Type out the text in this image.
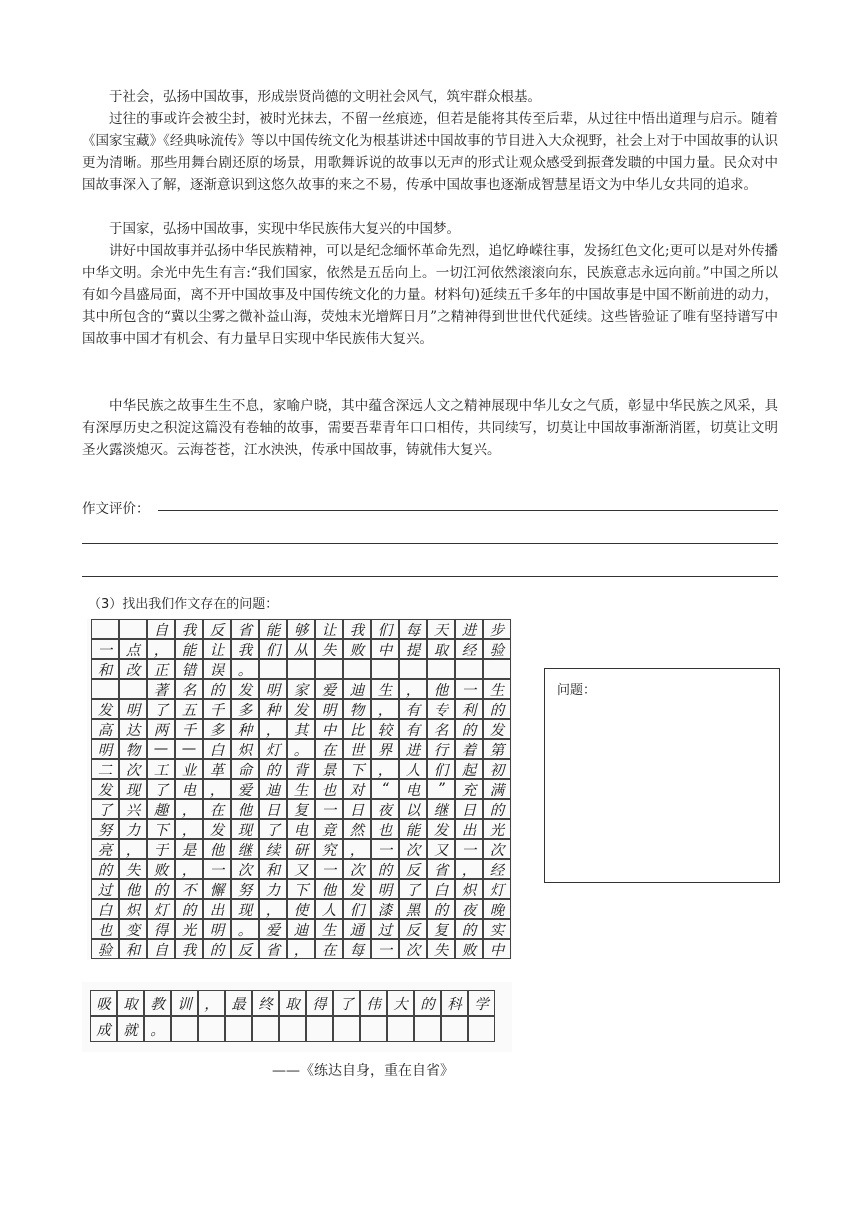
于社会，弘扬中国故事，形成崇贤尚德的文明社会风气，筑牢群众根基。

过往的事或许会被尘封，被时光抹去，不留一丝痕迹，但若是能将其传至后辈，从过往中悟出道理与启示。随着《国家宝藏》《经典咏流传》等以中国传统文化为根基讲述中国故事的节目进入大众视野，社会上对于中国故事的认识更为清晰。那些用舞台剧还原的场景，用歌舞诉说的故事以无声的形式让观众感受到振聋发聩的中国力量。民众对中国故事深入了解，逐渐意识到这悠久故事的来之不易，传承中国故事也逐渐成智慧星语文为中华儿女共同的追求。

于国家，弘扬中国故事，实现中华民族伟大复兴的中国梦。

讲好中国故事并弘扬中华民族精神，可以是纪念缅怀革命先烈，追忆峥嵘往事，发扬红色文化;更可以是对外传播中华文明。余光中先生有言:“我们国家，依然是五岳向上。一切江河依然滚滚向东，民族意志永远向前。”中国之所以有如今昌盛局面，离不开中国故事及中国传统文化的力量。材料句)延续五千多年的中国故事是中国不断前进的动力，其中所包含的“冀以尘雾之微补益山海，荧烛末光增辉日月”之精神得到世世代代延续。这些皆验证了唯有坚持谱写中国故事中国才有机会、有力量早日实现中华民族伟大复兴。

中华民族之故事生生不息，家喻户晓，其中蕴含深远人文之精神展现中华儿女之气质，彰显中华民族之风采，具有深厚历史之积淀这篇没有卷轴的故事，需要吾辈青年口口相传，共同续写，切莫让中国故事渐渐消匿，切莫让文明圣火露淡熄灭。云海苍苍，江水泱泱，传承中国故事，铸就伟大复兴。

作文评价：
（3）找出我们作文存在的问题：
自 我 反 省 能 够 让 我 们 每 天 进 步
一 点 ， 能 让 我 们 从 失 败 中 提 取 经 验
和 改 正 错 误 。
著 名 的 发 明 家 爱 迪 生 ， 他 一 生
发 明 了 五 千 多 种 发 明 物 ， 有 专 利 的
高 达 两 千 多 种 ， 其 中 比 较 有 名 的 发
明 物 — — 白 炽 灯 。 在 世 界 进 行 着 第
二 次 工 业 革 命 的 背 景 下 ， 人 们 起 初
发 现 了 电 ， 爱 迪 生 也 对	“	电	”	充 满
了 兴 趣 ， 在 他 日 复 一 日 夜 以 继 日 的
努 力 下 ， 发 现 了 电 竟 然 也 能 发 出 光
亮 ， 于 是 他 继 续 研 究 ， 一 次 又 一 次
的 失 败 ， 一 次 和 又 一 次 的 反 省 ， 经
过 他 的 不 懈 努 力 下 他 发 明 了 白 炽 灯
白 炽 灯 的 出 现 ， 使 人 们 漆 黑 的 夜 晚
也 变 得 光 明 。 爱 迪 生 通 过 反 复 的 实
验 和 自 我 的 反 省 ， 在 每 一 次 失 败 中
吸 取 教 训 ， 最 终 取 得 了 伟 大 的 科 学
成 就 。
问题：
——《练达自身，重在自省》
